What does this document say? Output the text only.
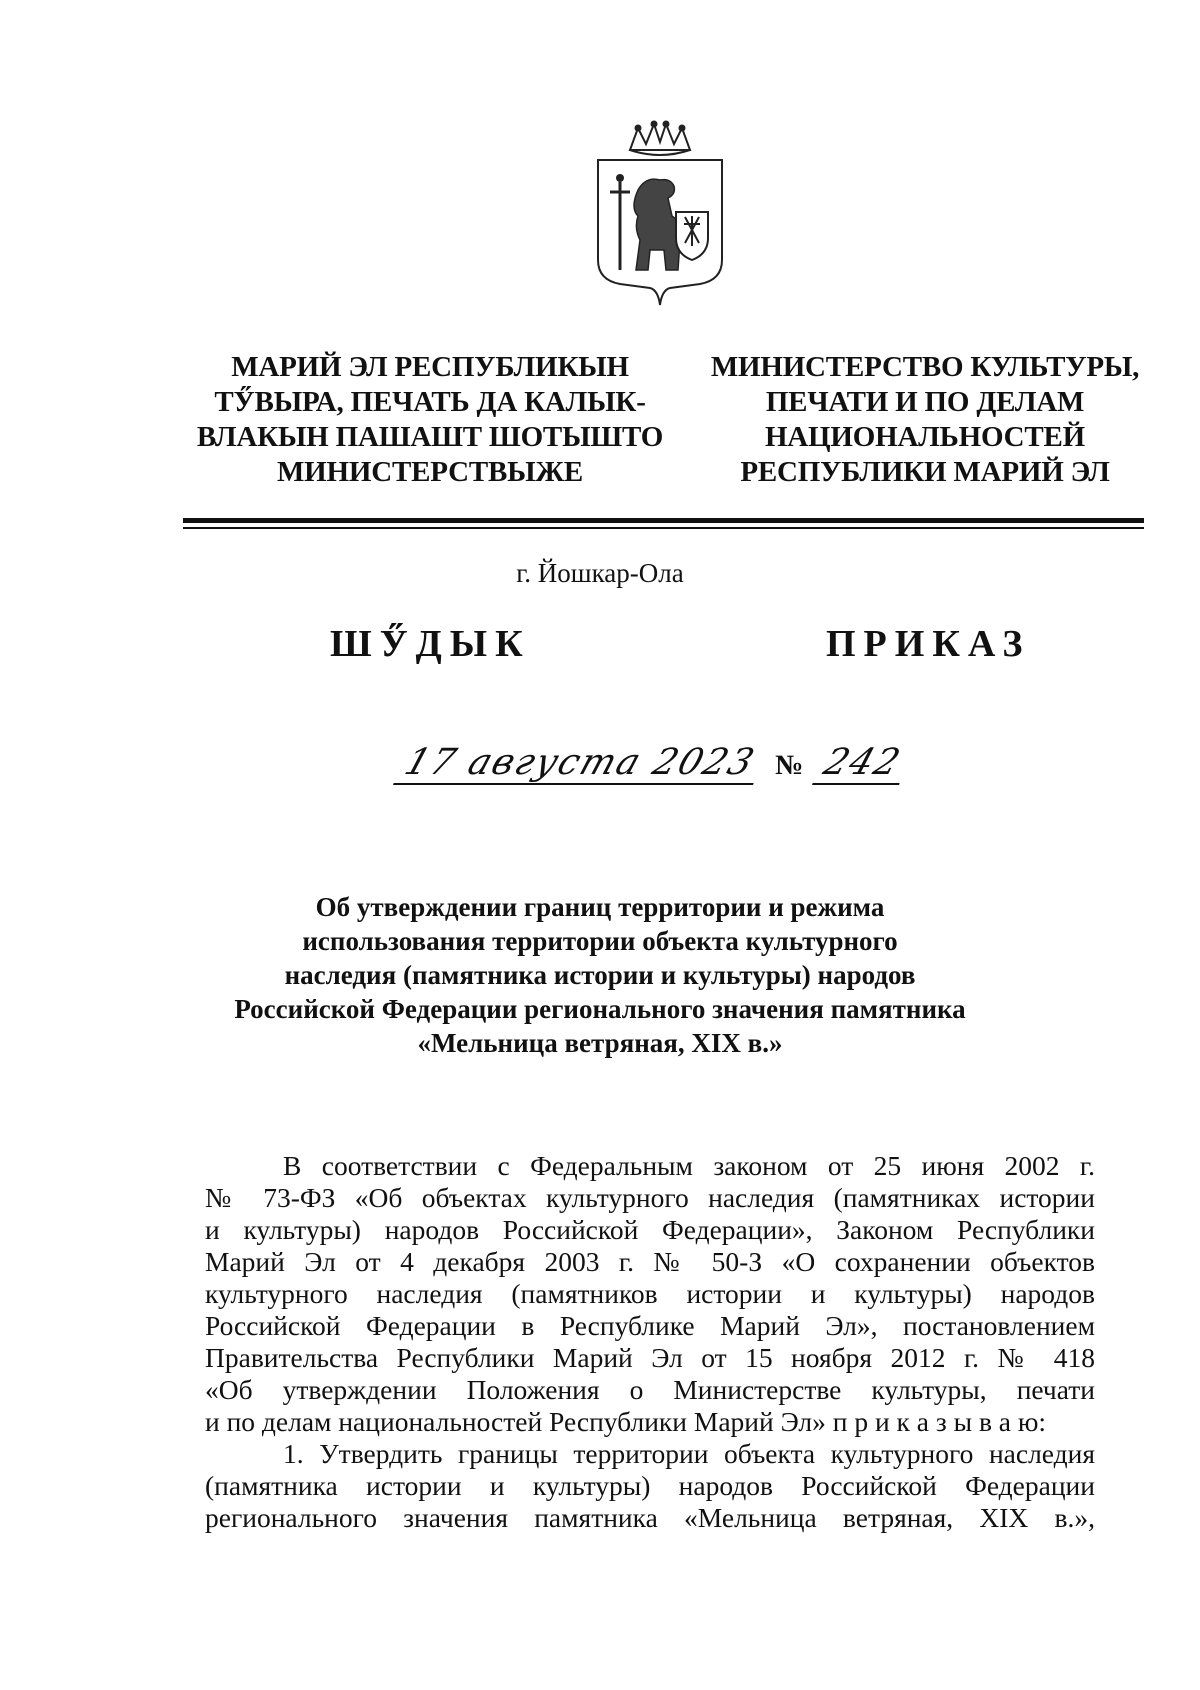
МАРИЙ ЭЛ РЕСПУБЛИКЫН
ТӲВЫРА, ПЕЧАТЬ ДА КАЛЫК-
ВЛАКЫН ПАШАШТ ШОТЫШТО
МИНИСТЕРСТВЫЖЕ
МИНИСТЕРСТВО КУЛЬТУРЫ,
ПЕЧАТИ И ПО ДЕЛАМ
НАЦИОНАЛЬНОСТЕЙ
РЕСПУБЛИКИ МАРИЙ ЭЛ
г. Йошкар-Ола
ШӲДЫК	ПРИКАЗ
17 августа 2023 № 242
Об утверждении границ территории и режима
использования территории объекта культурного
наследия (памятника истории и культуры) народов
Российской Федерации регионального значения памятника
«Мельница ветряная, XIX в.»
В соответствии с Федеральным законом от 25 июня 2002 г.
№ 73-ФЗ «Об объектах культурного наследия (памятниках истории
и культуры) народов Российской Федерации», Законом Республики
Марий Эл от 4 декабря 2003 г. № 50-З «О сохранении объектов
культурного наследия (памятников истории и культуры) народов
Российской Федерации в Республике Марий Эл», постановлением
Правительства Республики Марий Эл от 15 ноября 2012 г. № 418
«Об утверждении Положения о Министерстве культуры, печати
и по делам национальностей Республики Марий Эл» п р и к а з ы в а ю:
1. Утвердить границы территории объекта культурного наследия
(памятника истории и культуры) народов Российской Федерации
регионального значения памятника «Мельница ветряная, XIX в.»,
